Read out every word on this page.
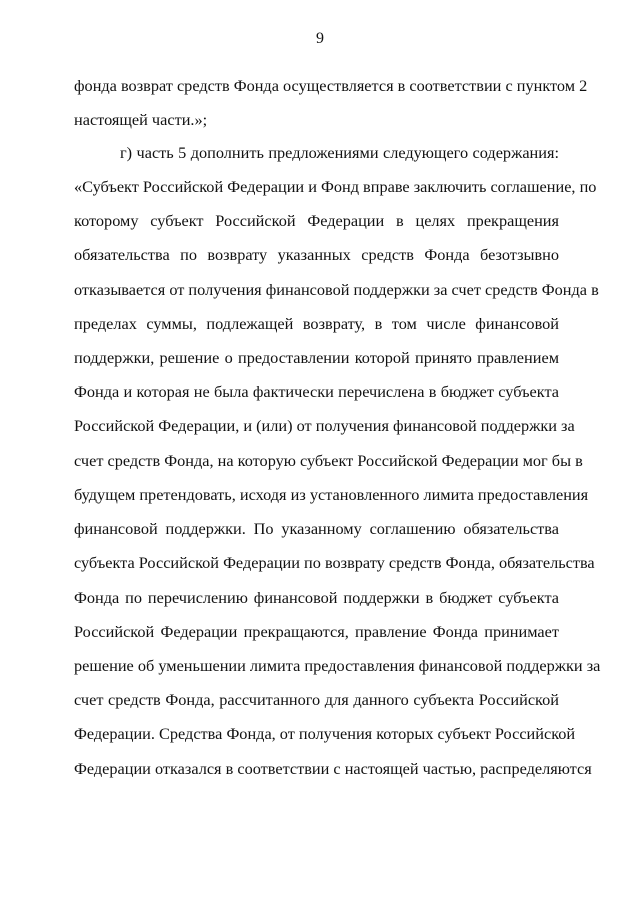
9
фонда возврат средств Фонда осуществляется в соответствии с пунктом 2
настоящей части.»;
г) часть 5 дополнить предложениями следующего содержания:
«Субъект Российской Федерации и Фонд вправе заключить соглашение, по
которому субъект Российской Федерации в целях прекращения
обязательства по возврату указанных средств Фонда безотзывно
отказывается от получения финансовой поддержки за счет средств Фонда в
пределах суммы, подлежащей возврату, в том числе финансовой
поддержки, решение о предоставлении которой принято правлением
Фонда и которая не была фактически перечислена в бюджет субъекта
Российской Федерации, и (или) от получения финансовой поддержки за
счет средств Фонда, на которую субъект Российской Федерации мог бы в
будущем претендовать, исходя из установленного лимита предоставления
финансовой поддержки. По указанному соглашению обязательства
субъекта Российской Федерации по возврату средств Фонда, обязательства
Фонда по перечислению финансовой поддержки в бюджет субъекта
Российской Федерации прекращаются, правление Фонда принимает
решение об уменьшении лимита предоставления финансовой поддержки за
счет средств Фонда, рассчитанного для данного субъекта Российской
Федерации. Средства Фонда, от получения которых субъект Российской
Федерации отказался в соответствии с настоящей частью, распределяются
